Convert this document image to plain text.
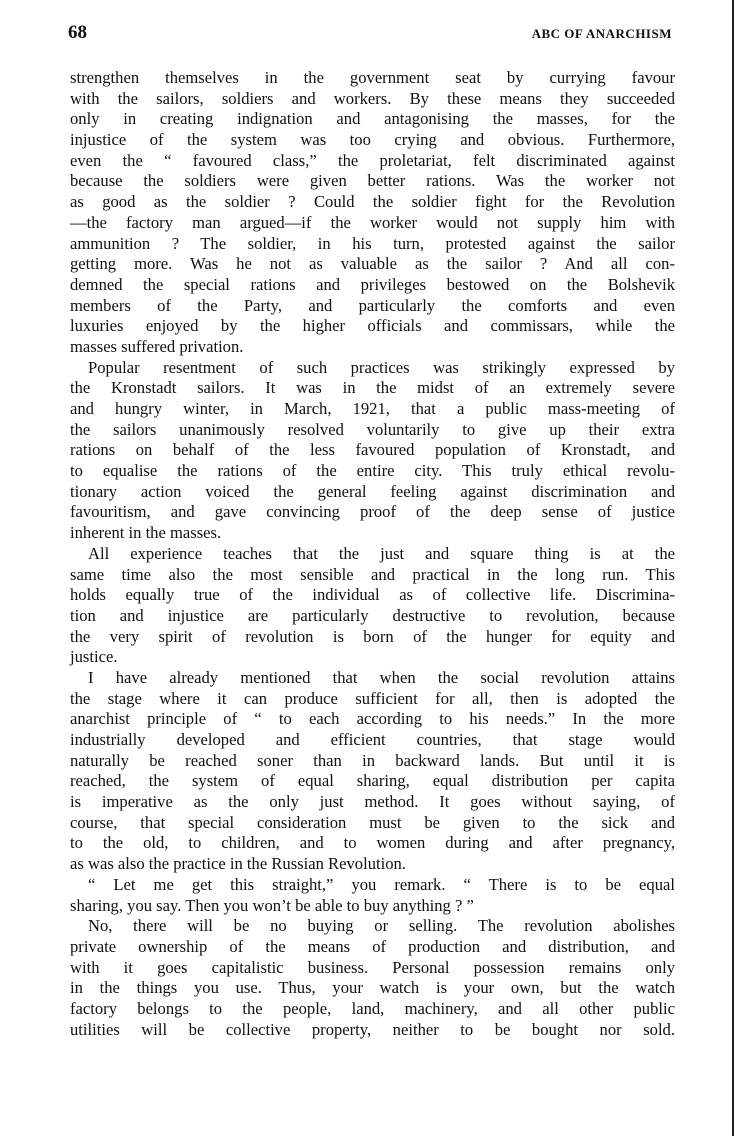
68	ABC OF ANARCHISM
strengthen themselves in the government seat by currying favour
with the sailors, soldiers and workers. By these means they succeeded
only in creating indignation and antagonising the masses, for the
injustice of the system was too crying and obvious. Furthermore,
even the “ favoured class,” the proletariat, felt discriminated against
because the soldiers were given better rations. Was the worker not
as good as the soldier ? Could the soldier fight for the Revolution
—the factory man argued—if the worker would not supply him with
ammunition ? The soldier, in his turn, protested against the sailor
getting more. Was he not as valuable as the sailor ? And all con-
demned the special rations and privileges bestowed on the Bolshevik
members of the Party, and particularly the comforts and even
luxuries enjoyed by the higher officials and commissars, while the
masses suffered privation.
Popular resentment of such practices was strikingly expressed by
the Kronstadt sailors. It was in the midst of an extremely severe
and hungry winter, in March, 1921, that a public mass-meeting of
the sailors unanimously resolved voluntarily to give up their extra
rations on behalf of the less favoured population of Kronstadt, and
to equalise the rations of the entire city. This truly ethical revolu-
tionary action voiced the general feeling against discrimination and
favouritism, and gave convincing proof of the deep sense of justice
inherent in the masses.
All experience teaches that the just and square thing is at the
same time also the most sensible and practical in the long run. This
holds equally true of the individual as of collective life. Discrimina-
tion and injustice are particularly destructive to revolution, because
the very spirit of revolution is born of the hunger for equity and
justice.
I have already mentioned that when the social revolution attains
the stage where it can produce sufficient for all, then is adopted the
anarchist principle of “ to each according to his needs.” In the more
industrially developed and efficient countries, that stage would
naturally be reached soner than in backward lands. But until it is
reached, the system of equal sharing, equal distribution per capita
is imperative as the only just method. It goes without saying, of
course, that special consideration must be given to the sick and
to the old, to children, and to women during and after pregnancy,
as was also the practice in the Russian Revolution.
“ Let me get this straight,” you remark. “ There is to be equal
sharing, you say. Then you won’t be able to buy anything ? ”
No, there will be no buying or selling. The revolution abolishes
private ownership of the means of production and distribution, and
with it goes capitalistic business. Personal possession remains only
in the things you use. Thus, your watch is your own, but the watch
factory belongs to the people, land, machinery, and all other public
utilities will be collective property, neither to be bought nor sold.
